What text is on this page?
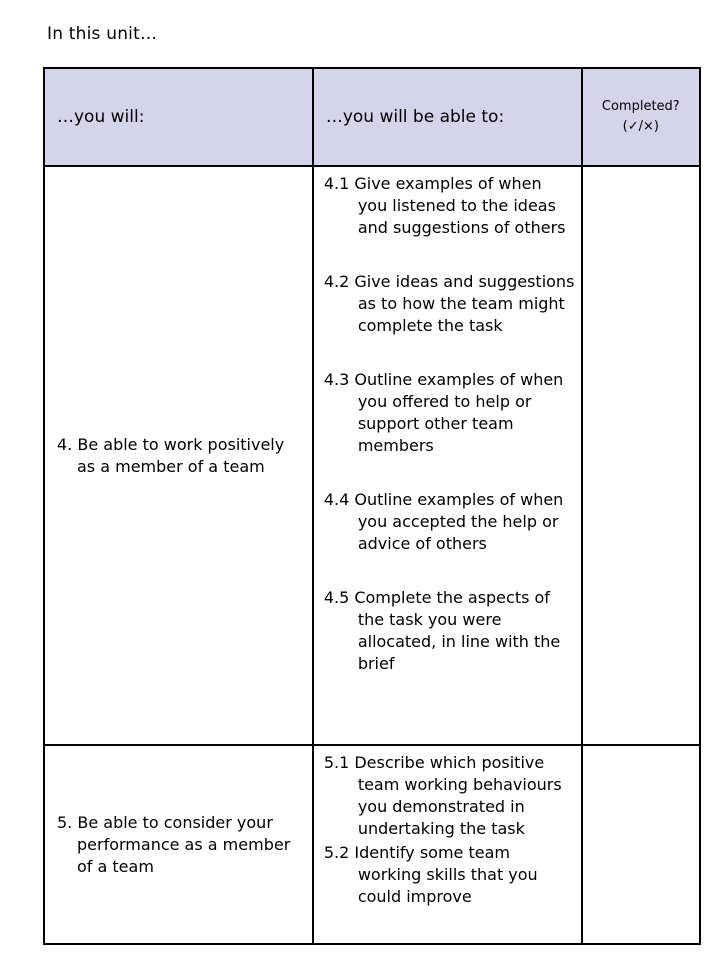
In this unit…
…you will:	…you will be able to:	Completed?
(✓/×)

4. Be able to work positively as a member of a team	4.1 Give examples of when you listened to the ideas and suggestions of others

4.2 Give ideas and suggestions as to how the team might complete the task

4.3 Outline examples of when you offered to help or support other team members

4.4 Outline examples of when you accepted the help or advice of others

4.5 Complete the aspects of the task you were allocated, in line with the brief	

5. Be able to consider your performance as a member of a team	5.1 Describe which positive team working behaviours you demonstrated in undertaking the task

5.2 Identify some team working skills that you could improve	
